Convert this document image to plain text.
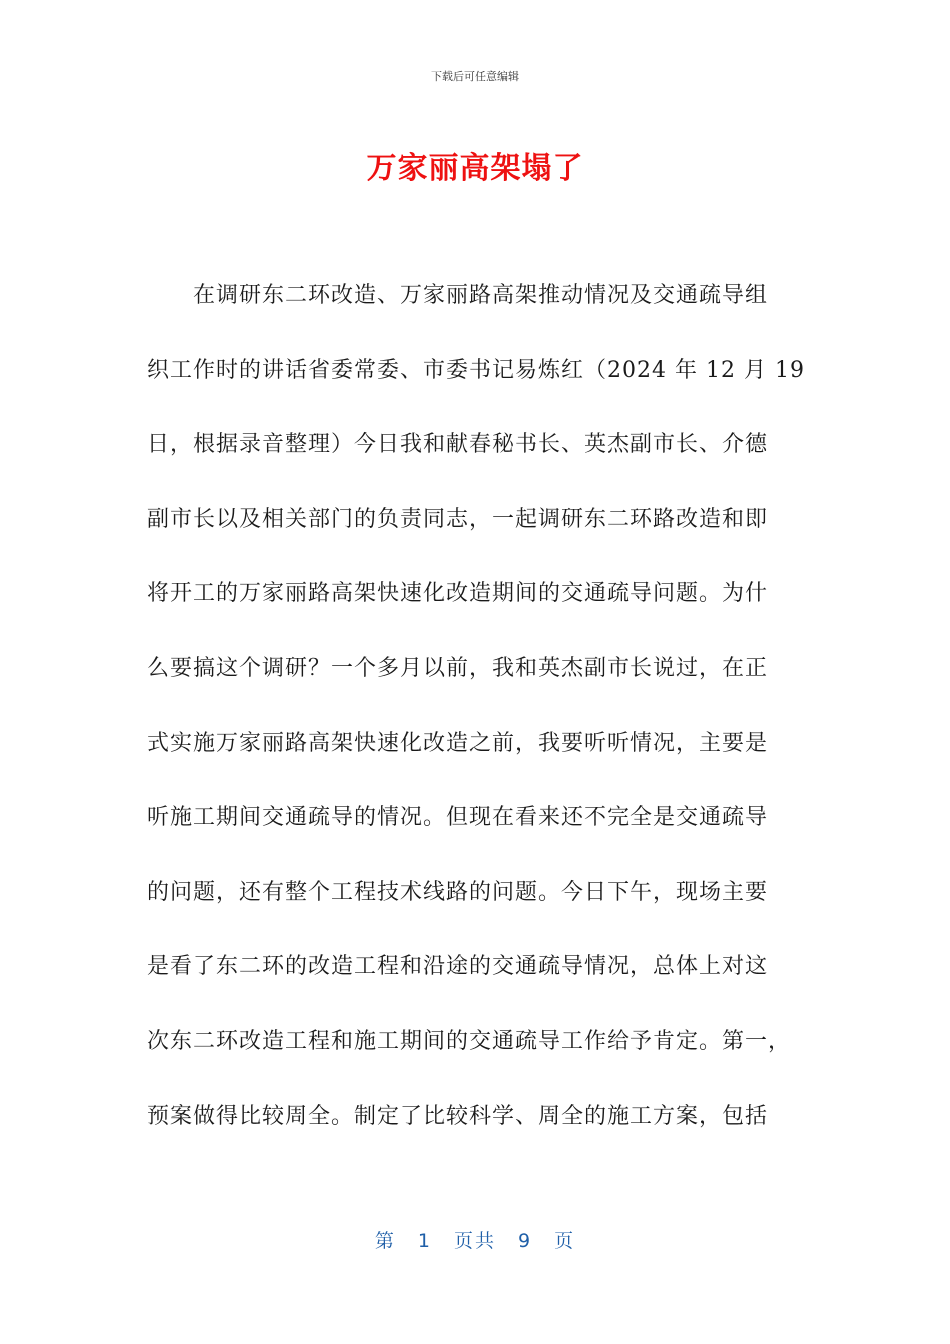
下载后可任意编辑
万家丽高架塌了
在调研东二环改造、万家丽路高架推动情况及交通疏导组
织工作时的讲话省委常委、市委书记易炼红（2024 年 12 月 19
日，根据录音整理）今日我和献春秘书长、英杰副市长、介德
副市长以及相关部门的负责同志，一起调研东二环路改造和即
将开工的万家丽路高架快速化改造期间的交通疏导问题。为什
么要搞这个调研？一个多月以前，我和英杰副市长说过，在正
式实施万家丽路高架快速化改造之前，我要听听情况，主要是
听施工期间交通疏导的情况。但现在看来还不完全是交通疏导
的问题，还有整个工程技术线路的问题。今日下午，现场主要
是看了东二环的改造工程和沿途的交通疏导情况，总体上对这
次东二环改造工程和施工期间的交通疏导工作给予肯定。第一，
预案做得比较周全。制定了比较科学、周全的施工方案，包括
第 1 页共 9 页
